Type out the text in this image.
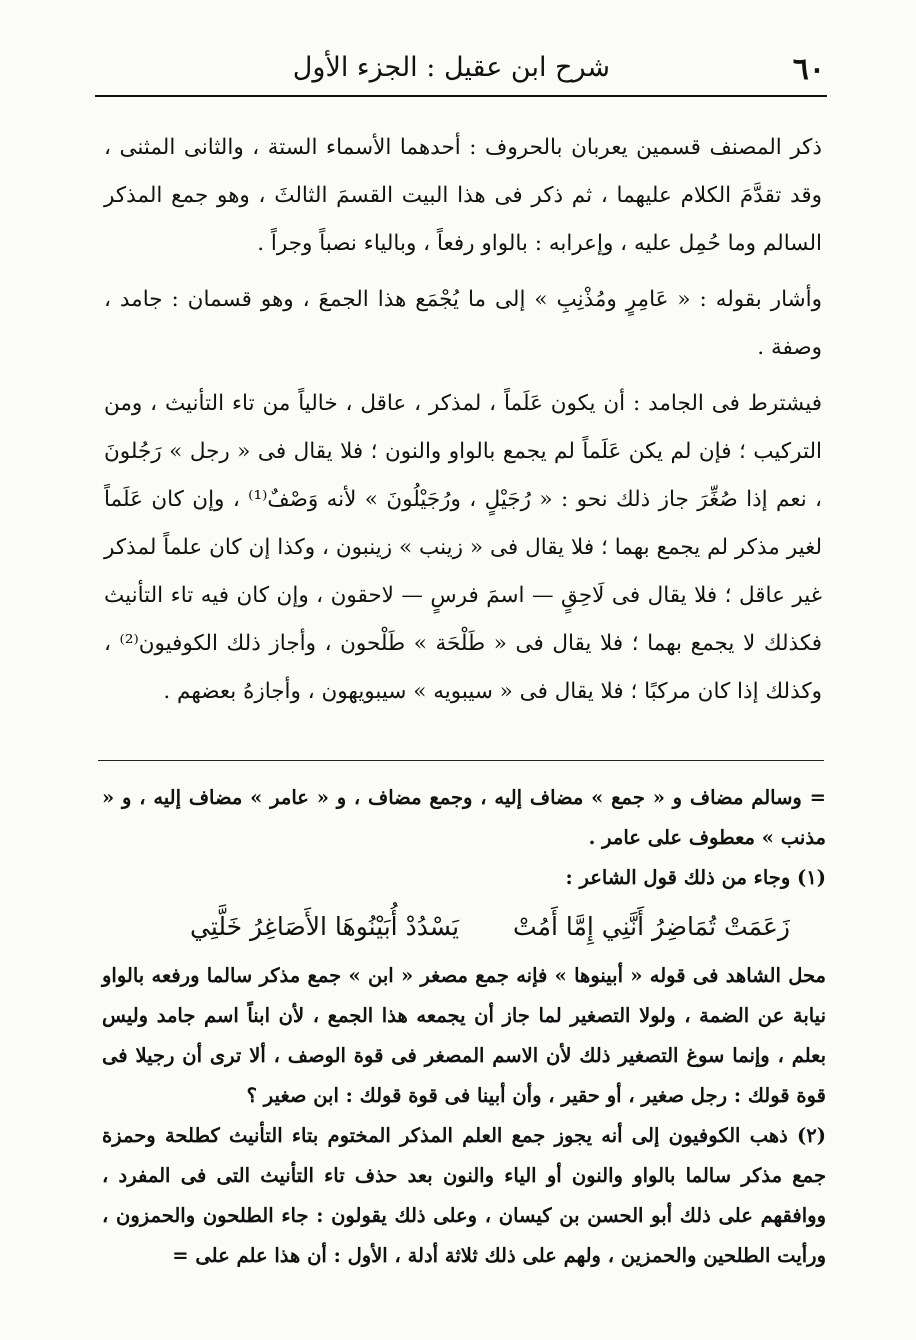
٦٠
شرح ابن عقيل : الجزء الأول

ذكر المصنف قسمين يعربان بالحروف : أحدهما الأسماء الستة ، والثانى المثنى ، وقد تقدَّمَ الكلام عليهما ، ثم ذكر فى هذا البيت القسمَ الثالثَ ، وهو جمع المذكر السالم وما حُمِل عليه ، وإعرابه : بالواو رفعاً ، وبالياء نصباً وجراً .

وأشار بقوله : « عَامِرٍ ومُذْنِبِ » إلى ما يُجْمَع هذا الجمعَ ، وهو قسمان : جامد ، وصفة .

فيشترط فى الجامد : أن يكون عَلَماً ، لمذكر ، عاقل ، خالياً من تاء التأنيث ، ومن التركيب ؛ فإن لم يكن عَلَماً لم يجمع بالواو والنون ؛ فلا يقال فى « رجل » رَجُلونَ ، نعم إذا صُغِّرَ جاز ذلك نحو : « رُجَيْلٍ ، ورُجَيْلُونَ » لأنه وَصْفٌ⁽¹⁾ ، وإن كان عَلَماً لغير مذكر لم يجمع بهما ؛ فلا يقال فى « زينب » زينبون ، وكذا إن كان علماً لمذكر غير عاقل ؛ فلا يقال فى لَاحِقٍ — اسمَ فرسٍ — لاحقون ، وإن كان فيه تاء التأنيث فكذلك لا يجمع بهما ؛ فلا يقال فى « طَلْحَة » طَلْحون ، وأجاز ذلك الكوفيون⁽²⁾ ، وكذلك إذا كان مركبًا ؛ فلا يقال فى « سيبويه » سيبويهون ، وأجازهُ بعضهم .

= وسالم مضاف و « جمع » مضاف إليه ، وجمع مضاف ، و « عامر » مضاف إليه ، و « مذنب » معطوف على عامر .

(١) وجاء من ذلك قول الشاعر :

زَعَمَتْ تُمَاضِرُ أَنَّنِي إِمَّا أَمُتْ يَسْدُدْ أُبَيْنُوهَا الأَصَاغِرُ خَلَّتِي

محل الشاهد فى قوله « أبينوها » فإنه جمع مصغر « ابن » جمع مذكر سالما ورفعه بالواو نيابة عن الضمة ، ولولا التصغير لما جاز أن يجمعه هذا الجمع ، لأن ابناً اسم جامد وليس بعلم ، وإنما سوغ التصغير ذلك لأن الاسم المصغر فى قوة الوصف ، ألا ترى أن رجيلا فى قوة قولك : رجل صغير ، أو حقير ، وأن أبينا فى قوة قولك : ابن صغير ؟

(٢) ذهب الكوفيون إلى أنه يجوز جمع العلم المذكر المختوم بتاء التأنيث كطلحة وحمزة جمع مذكر سالما بالواو والنون أو الياء والنون بعد حذف تاء التأنيث التى فى المفرد ، ووافقهم على ذلك أبو الحسن بن كيسان ، وعلى ذلك يقولون : جاء الطلحون والحمزون ، ورأيت الطلحين والحمزين ، ولهم على ذلك ثلاثة أدلة ، الأول : أن هذا علم على =
